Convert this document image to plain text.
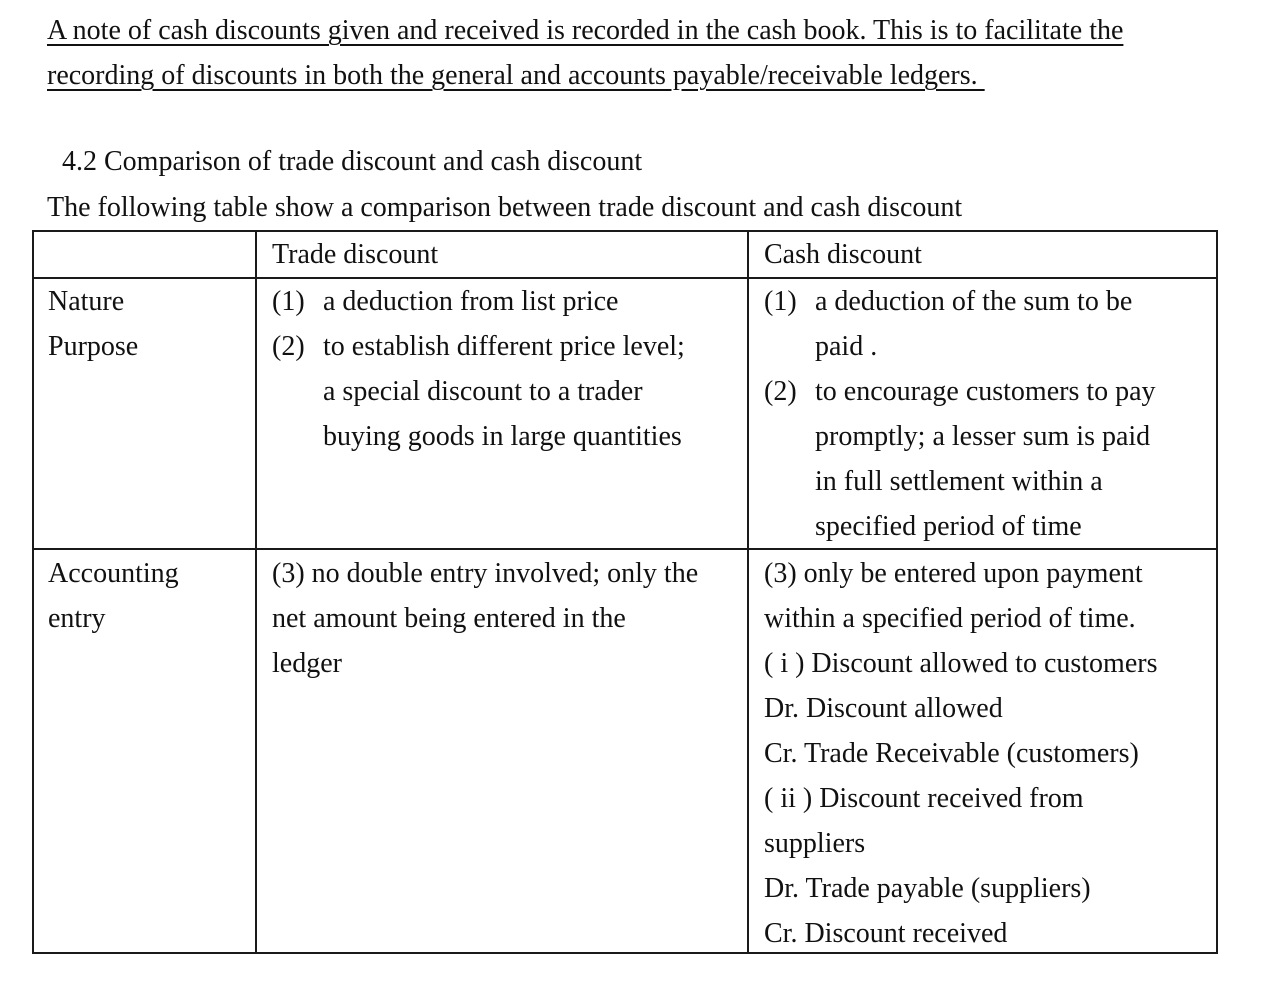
A note of cash discounts given and received is recorded in the cash book. This is to facilitate the
recording of discounts in both the general and accounts payable/receivable ledgers.
4.2 Comparison of trade discount and cash discount
The following table show a comparison between trade discount and cash discount
Trade discount	Cash discount
Nature
Purpose
(1) a deduction from list price
(2) to establish different price level;
a special discount to a trader
buying goods in large quantities
(1) a deduction of the sum to be
paid .
(2) to encourage customers to pay
promptly; a lesser sum is paid
in full settlement within a
specified period of time
Accounting
entry
(3) no double entry involved; only the
net amount being entered in the
ledger
(3) only be entered upon payment
within a specified period of time.
( i ) Discount allowed to customers
Dr. Discount allowed
Cr. Trade Receivable (customers)
( ii ) Discount received from
suppliers
Dr. Trade payable (suppliers)
Cr. Discount received
